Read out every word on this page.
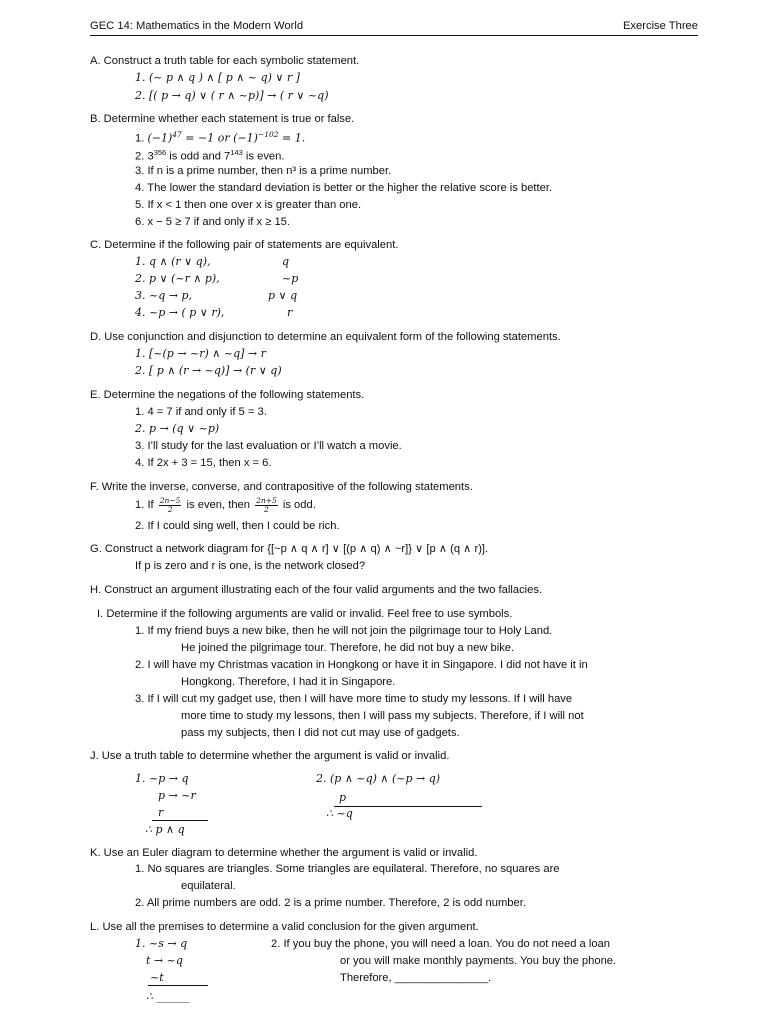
GEC 14: Mathematics in the Modern World	Exercise Three
A. Construct a truth table for each symbolic statement.
1. (~ p ∧ q ) ∧ [ p ∧ ~ q) ∨ r ]
2. [( p → q) ∨ ( r ∧ ~p)] → ( r ∨ ~q)
B. Determine whether each statement is true or false.
1. $(-1)^{47} = -1$ or $(-1)^{-102} = 1$.
2. $3^{356}$ is odd and $7^{143}$ is even.
3. If n is a prime number, then n³ is a prime number.
4. The lower the standard deviation is better or the higher the relative score is better.
5. If x < 1 then one over x is greater than one.
6. x − 5 ≥ 7 if and only if x ≥ 15.
C. Determine if the following pair of statements are equivalent.
1. q ∧ (r ∨ q),	q
2. p ∨ (~r ∧ p),	~p
3. ~q → p,	p ∨ q
4. ~p → ( p ∨ r),	r
D. Use conjunction and disjunction to determine an equivalent form of the following statements.
1. [~(p → ~r) ∧ ~q] → r
2. [ p ∧ (r → ~q)] → (r ∨ q)
E. Determine the negations of the following statements.
1. 4 = 7 if and only if 5 = 3.
2. p → (q ∨ ~p)
3. I’ll study for the last evaluation or I’ll watch a movie.
4. If 2x + 3 = 15, then x = 6.
F. Write the inverse, converse, and contrapositive of the following statements.
1. If $\frac{2n-5}{2}$ is even, then $\frac{2n+5}{2}$ is odd.
2. If I could sing well, then I could be rich.
G. Construct a network diagram for {[~p ∧ q ∧ r] ∨ [(p ∧ q) ∧ ~r]} ∨ [p ∧ (q ∧ r)].
If p is zero and r is one, is the network closed?
H. Construct an argument illustrating each of the four valid arguments and the two fallacies.
I. Determine if the following arguments are valid or invalid. Feel free to use symbols.
1. If my friend buys a new bike, then he will not join the pilgrimage tour to Holy Land.
He joined the pilgrimage tour. Therefore, he did not buy a new bike.
2. I will have my Christmas vacation in Hongkong or have it in Singapore. I did not have it in
Hongkong. Therefore, I had it in Singapore.
3. If I will cut my gadget use, then I will have more time to study my lessons. If I will have
more time to study my lessons, then I will pass my subjects. Therefore, if I will not
pass my subjects, then I did not cut may use of gadgets.
J. Use a truth table to determine whether the argument is valid or invalid.
1. ~p → q
p → ~r
r
∴ p ∧ q
2. (p ∧ ~q) ∧ (~p → q)
p
∴ ~q
K. Use an Euler diagram to determine whether the argument is valid or invalid.
1. No squares are triangles. Some triangles are equilateral. Therefore, no squares are
equilateral.
2. All prime numbers are odd. 2 is a prime number. Therefore, 2 is odd number.
L. Use all the premises to determine a valid conclusion for the given argument.
1. ~s → q
t → ~q
~t
∴ ______
2. If you buy the phone, you will need a loan. You do not need a loan
or you will make monthly payments. You buy the phone.
Therefore, _______________.
